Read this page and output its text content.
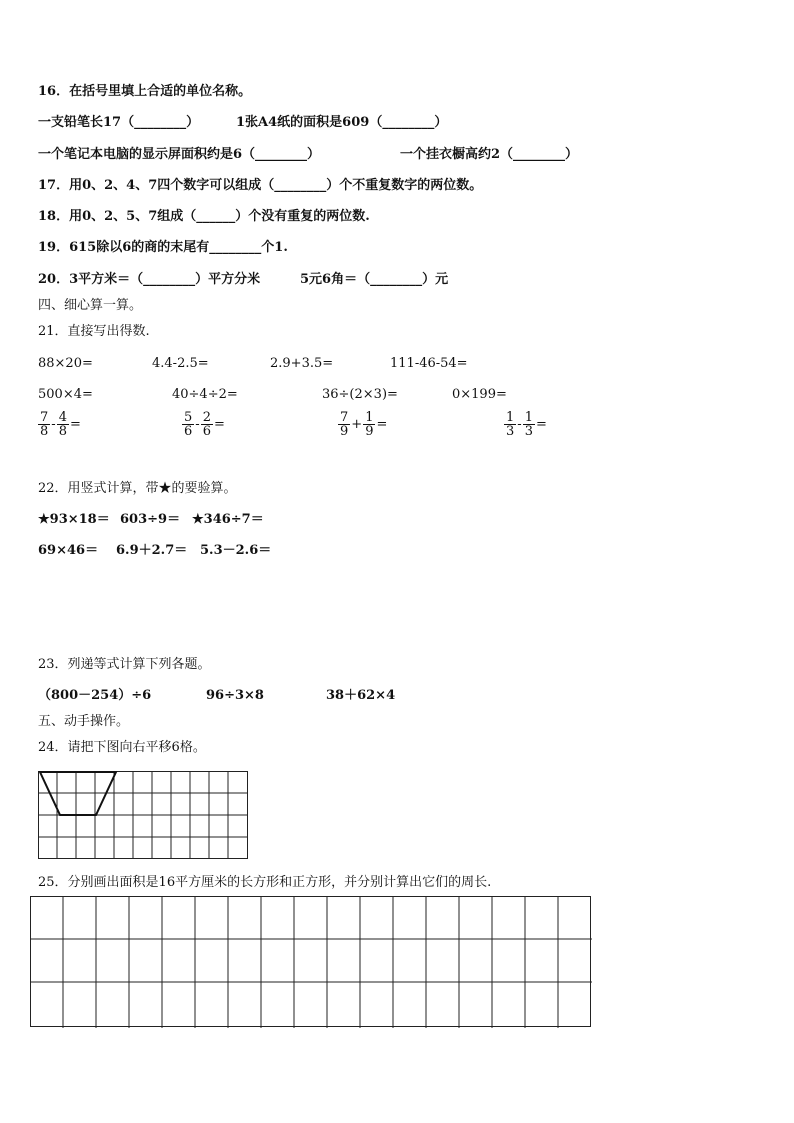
16．在括号里填上合适的单位名称。
一支铅笔长17（________）	1张A4纸的面积是609（________）
一个笔记本电脑的显示屏面积约是6（________）	一个挂衣橱高约2（________）
17．用0、2、4、7四个数字可以组成（________）个不重复数字的两位数。
18．用0、2、5、7组成（______）个没有重复的两位数.
19．615除以6的商的末尾有________个1.
20．3平方米＝（________）平方分米	5元6角＝（________）元
四、细心算一算。
21．直接写出得数.
88×20=	4.4-2.5=	2.9+3.5=	111-46-54=
500×4=	40÷4÷2=	36÷(2×3)=	0×199=
$\frac{7}{8} - \frac{4}{8}$ =	$\frac{5}{6} - \frac{2}{6}$ =	$\frac{7}{9} + \frac{1}{9}$ =	$\frac{1}{3} - \frac{1}{3}$ =
22．用竖式计算，带★的要验算。
★93×18＝ 603÷9＝ ★346÷7＝
69×46＝ 6.9＋2.7＝ 5.3－2.6＝
23．列递等式计算下列各题。
（800－254）÷6	96÷3×8	38＋62×4
五、动手操作。
24．请把下图向右平移6格。
25．分别画出面积是16平方厘米的长方形和正方形，并分别计算出它们的周长.
